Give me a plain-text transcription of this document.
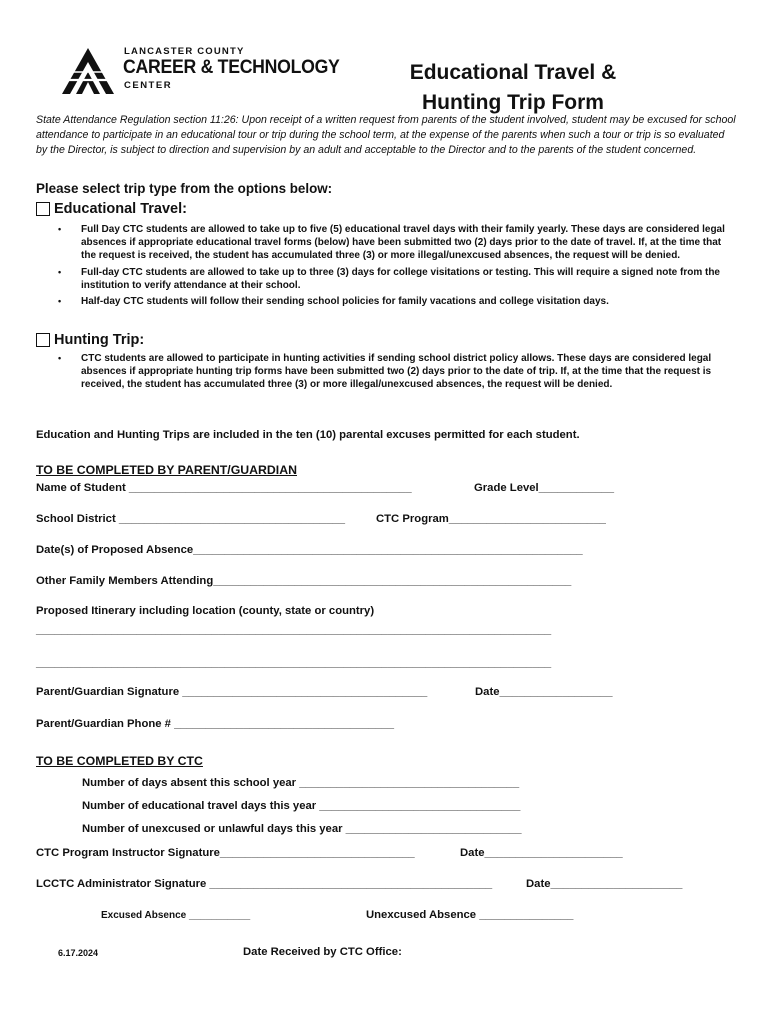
LANCASTER COUNTY
CAREER & TECHNOLOGY
CENTER
Educational Travel &
Hunting Trip Form
State Attendance Regulation section 11:26: Upon receipt of a written request from parents of the student involved, student may be excused for school attendance to participate in an educational tour or trip during the school term, at the expense of the parents when such a tour or trip is so evaluated by the Director, is subject to direction and supervision by an adult and acceptable to the Director and to the parents of the student concerned.
Please select trip type from the options below:
Educational Travel:
•	Full Day CTC students are allowed to take up to five (5) educational travel days with their family yearly. These days are considered legal absences if appropriate educational travel forms (below) have been submitted two (2) days prior to the date of travel. If, at the time that the request is received, the student has accumulated three (3) or more illegal/unexcused absences, the request will be denied.
•	Full-day CTC students are allowed to take up to three (3) days for college visitations or testing. This will require a signed note from the institution to verify attendance at their school.
•	Half-day CTC students will follow their sending school policies for family vacations and college visitation days.
Hunting Trip:
•	CTC students are allowed to participate in hunting activities if sending school district policy allows. These days are considered legal absences if appropriate hunting trip forms have been submitted two (2) days prior to the date of trip. If, at the time that the request is received, the student has accumulated three (3) or more illegal/unexcused absences, the request will be denied.
Education and Hunting Trips are included in the ten (10) parental excuses permitted for each student.
TO BE COMPLETED BY PARENT/GUARDIAN
Name of Student _____________________________________________	Grade Level____________
School District ____________________________________	CTC Program_________________________
Date(s) of Proposed Absence______________________________________________________________
Other Family Members Attending_________________________________________________________
Proposed Itinerary including location (county, state or country)
__________________________________________________________________________________
__________________________________________________________________________________
Parent/Guardian Signature _______________________________________	Date__________________
Parent/Guardian Phone # ___________________________________
TO BE COMPLETED BY CTC
Number of days absent this school year ___________________________________
Number of educational travel days this year ________________________________
Number of unexcused or unlawful days this year ____________________________
CTC Program Instructor Signature_______________________________	Date______________________
LCCTC Administrator Signature _____________________________________________	Date_____________________
Excused Absence ___________	Unexcused Absence _______________
6.17.2024	Date Received by CTC Office:
